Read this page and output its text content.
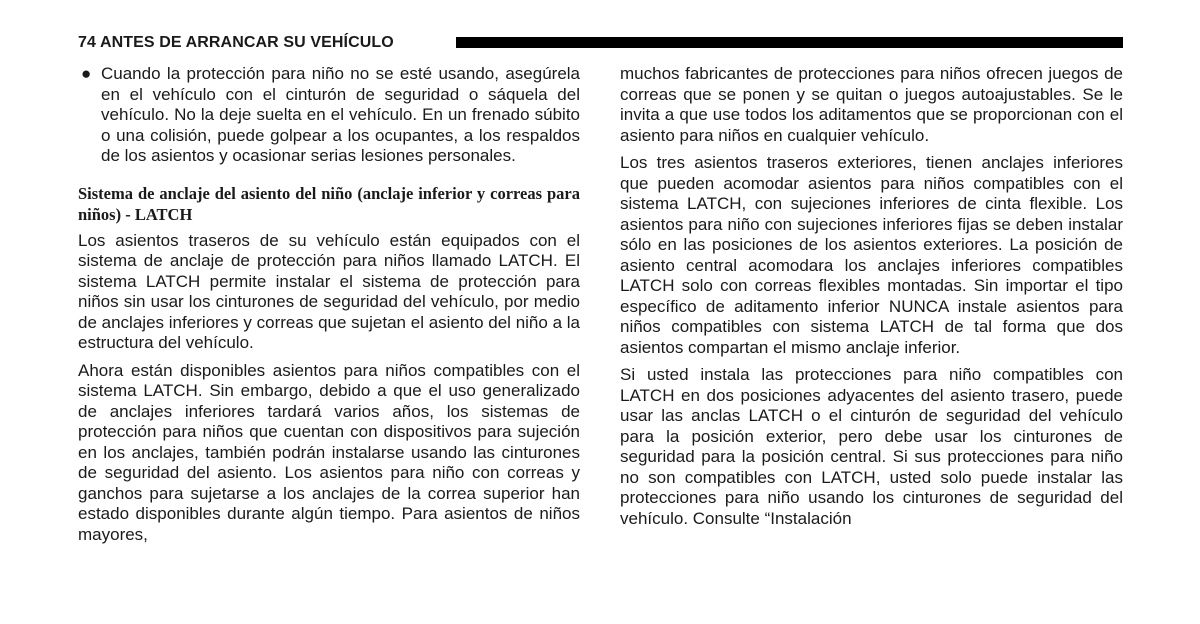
74 ANTES DE ARRANCAR SU VEHÍCULO
● Cuando la protección para niño no se esté usando, asegúrela en el vehículo con el cinturón de seguridad o sáquela del vehículo. No la deje suelta en el vehículo. En un frenado súbito o una colisión, puede golpear a los ocupantes, a los respaldos de los asientos y ocasionar serias lesiones personales.

Sistema de anclaje del asiento del niño (anclaje inferior y correas para niños) - LATCH

Los asientos traseros de su vehículo están equipados con el sistema de anclaje de protección para niños llamado LATCH. El sistema LATCH permite instalar el sistema de protección para niños sin usar los cinturones de seguridad del vehículo, por medio de anclajes inferiores y correas que sujetan el asiento del niño a la estructura del vehículo.

Ahora están disponibles asientos para niños compatibles con el sistema LATCH. Sin embargo, debido a que el uso generalizado de anclajes inferiores tardará varios años, los sistemas de protección para niños que cuentan con dispositivos para sujeción en los anclajes, también podrán instalarse usando las cinturones de seguridad del asiento. Los asientos para niño con correas y ganchos para sujetarse a los anclajes de la correa superior han estado disponibles durante algún tiempo. Para asientos de niños mayores,

muchos fabricantes de protecciones para niños ofrecen juegos de correas que se ponen y se quitan o juegos autoajustables. Se le invita a que use todos los aditamentos que se proporcionan con el asiento para niños en cualquier vehículo.

Los tres asientos traseros exteriores, tienen anclajes inferiores que pueden acomodar asientos para niños compatibles con el sistema LATCH, con sujeciones inferiores de cinta flexible. Los asientos para niño con sujeciones inferiores fijas se deben instalar sólo en las posiciones de los asientos exteriores. La posición de asiento central acomodara los anclajes inferiores compatibles LATCH solo con correas flexibles montadas. Sin importar el tipo específico de aditamento inferior NUNCA instale asientos para niños compatibles con sistema LATCH de tal forma que dos asientos compartan el mismo anclaje inferior.

Si usted instala las protecciones para niño compatibles con LATCH en dos posiciones adyacentes del asiento trasero, puede usar las anclas LATCH o el cinturón de seguridad del vehículo para la posición exterior, pero debe usar los cinturones de seguridad para la posición central. Si sus protecciones para niño no son compatibles con LATCH, usted solo puede instalar las protecciones para niño usando los cinturones de seguridad del vehículo. Consulte “Instalación
